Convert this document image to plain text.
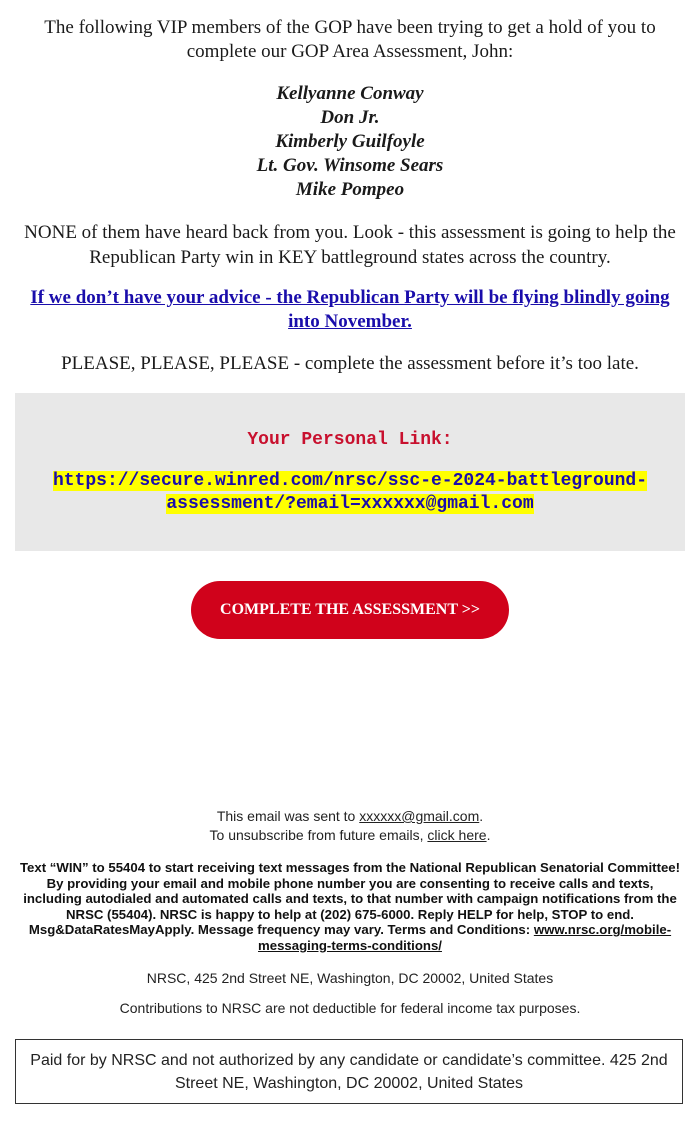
The following VIP members of the GOP have been trying to get a hold of you to complete our GOP Area Assessment, John:
Kellyanne Conway
Don Jr.
Kimberly Guilfoyle
Lt. Gov. Winsome Sears
Mike Pompeo
NONE of them have heard back from you. Look - this assessment is going to help the Republican Party win in KEY battleground states across the country.
If we don’t have your advice - the Republican Party will be flying blindly going into November.
PLEASE, PLEASE, PLEASE - complete the assessment before it’s too late.
Your Personal Link:
https://secure.winred.com/nrsc/ssc-e-2024-battleground-
assessment/?email=xxxxxx@gmail.com
COMPLETE THE ASSESSMENT >>
This email was sent to xxxxxx@gmail.com.
To unsubscribe from future emails, click here.
Text “WIN” to 55404 to start receiving text messages from the National Republican Senatorial Committee! By providing your email and mobile phone number you are consenting to receive calls and texts, including autodialed and automated calls and texts, to that number with campaign notifications from the NRSC (55404). NRSC is happy to help at (202) 675-6000. Reply HELP for help, STOP to end. Msg&DataRatesMayApply. Message frequency may vary. Terms and Conditions: www.nrsc.org/mobile-messaging-terms-conditions/
NRSC, 425 2nd Street NE, Washington, DC 20002, United States
Contributions to NRSC are not deductible for federal income tax purposes.
Paid for by NRSC and not authorized by any candidate or candidate’s committee. 425 2nd Street NE, Washington, DC 20002, United States
